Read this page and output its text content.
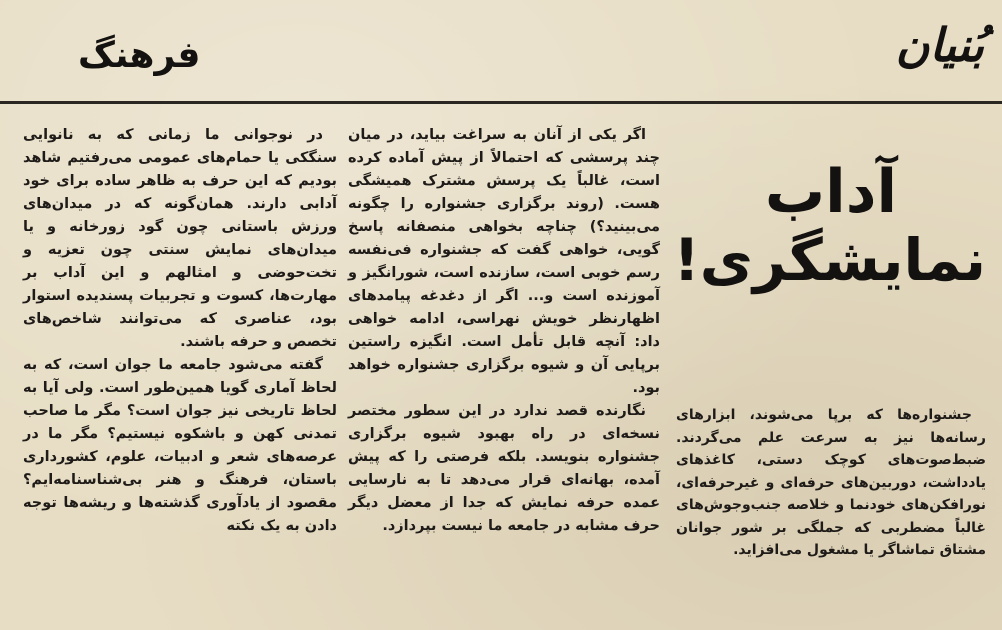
بُنیان
فرهنگ
آداب
نمایشگری!

جشنواره‌ها که برپا می‌شوند، ابزارهای رسانه‌ها نیز به سرعت علم می‌گردند. ضبط‌صوت‌های کوچک دستی، کاغذهای یادداشت، دوربین‌های حرفه‌ای و غیرحرفه‌ای، نورافکن‌های خودنما و خلاصه جنب‌وجوش‌های غالباً مضطربی که جملگی بر شور جوانان مشتاق تماشاگر یا مشغول می‌افزاید.

اگر یکی از آنان به سراغت بیاید، در میان چند پرسشی که احتمالاً از پیش آماده کرده است، غالباً یک پرسش مشترک همیشگی هست. (روند برگزاری جشنواره را چگونه می‌بینید؟) چناچه بخواهی منصفانه پاسخ گویی، خواهی گفت که جشنواره فی‌نفسه رسم خوبی است، سازنده است، شورانگیز و آموزنده است و... اگر از دغدغه پیامدهای اظهارنظر خویش نهراسی، ادامه خواهی داد: آنچه قابل تأمل است. انگیزه راستین برپایی آن و شیوه برگزاری جشنواره خواهد بود.

نگارنده قصد ندارد در این سطور مختصر نسخه‌ای در راه بهبود شیوه برگزاری جشنواره بنویسد. بلکه فرصتی را که پیش آمده، بهانه‌ای قرار می‌دهد تا به نارسایی عمده حرفه نمایش که جدا از معضل دیگر حرف مشابه در جامعه ما نیست بپردازد.

در نوجوانی ما زمانی که به نانوایی سنگکی یا حمام‌های عمومی می‌رفتیم شاهد بودیم که این حرف به ظاهر ساده برای خود آدابی دارند. همان‌گونه که در میدان‌های ورزش باستانی چون گود زورخانه و یا میدان‌های نمایش سنتی چون تعزیه و تخت‌حوضی و امثالهم و این آداب بر مهارت‌ها، کسوت و تجربیات پسندیده استوار بود، عناصری که می‌توانند شاخص‌های تخصص و حرفه باشند.

گفته می‌شود جامعه ما جوان است، که به لحاظ آماری گویا همین‌طور است. ولی آیا به لحاظ تاریخی نیز جوان است؟ مگر ما صاحب تمدنی کهن و باشکوه نیستیم؟ مگر ما در عرصه‌های شعر و ادبیات، علوم، کشورداری باستان، فرهنگ و هنر بی‌شناسنامه‌ایم؟ مقصود از یادآوری گذشته‌ها و ریشه‌ها توجه دادن به یک نکته
